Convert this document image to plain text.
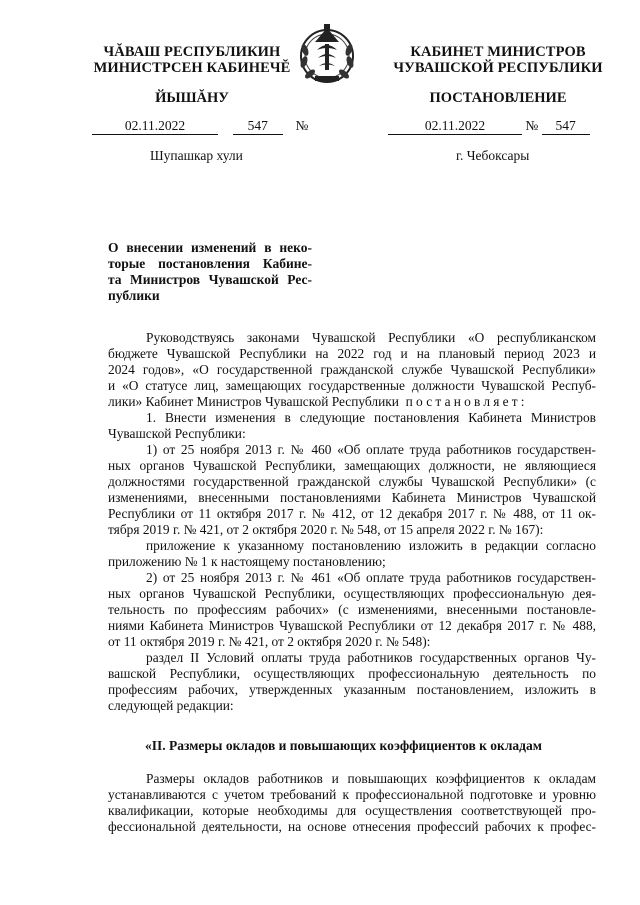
ЧĂВАШ РЕСПУБЛИКИН
МИНИСТРСЕН КАБИНЕЧĔ
КАБИНЕТ МИНИСТРОВ
ЧУВАШСКОЙ РЕСПУБЛИКИ
ЙЫШĂНУ	ПОСТАНОВЛЕНИЕ
02.11.2022	547 №	02.11.2022	№ 547
Шупашкар хули	г. Чебоксары
О внесении изменений в неко-
торые постановления Кабине-
та Министров Чувашской Рес-
публики
Руководствуясь законами Чувашской Республики «О республиканском
бюджете Чувашской Республики на 2022 год и на плановый период 2023 и
2024 годов», «О государственной гражданской службе Чувашской Республики»
и «О статусе лиц, замещающих государственные должности Чувашской Респуб-
лики» Кабинет Министров Чувашской Республики постановляет:
1. Внести изменения в следующие постановления Кабинета Министров
Чувашской Республики:
1) от 25 ноября 2013 г. № 460 «Об оплате труда работников государствен-
ных органов Чувашской Республики, замещающих должности, не являющиеся
должностями государственной гражданской службы Чувашской Республики» (с
изменениями, внесенными постановлениями Кабинета Министров Чувашской
Республики от 11 октября 2017 г. № 412, от 12 декабря 2017 г. № 488, от 11 ок-
тября 2019 г. № 421, от 2 октября 2020 г. № 548, от 15 апреля 2022 г. № 167):
приложение к указанному постановлению изложить в редакции согласно
приложению № 1 к настоящему постановлению;
2) от 25 ноября 2013 г. № 461 «Об оплате труда работников государствен-
ных органов Чувашской Республики, осуществляющих профессиональную дея-
тельность по профессиям рабочих» (с изменениями, внесенными постановле-
ниями Кабинета Министров Чувашской Республики от 12 декабря 2017 г. № 488,
от 11 октября 2019 г. № 421, от 2 октября 2020 г. № 548):
раздел II Условий оплаты труда работников государственных органов Чу-
вашской Республики, осуществляющих профессиональную деятельность по
профессиям рабочих, утвержденных указанным постановлением, изложить в
следующей редакции:
«II. Размеры окладов и повышающих коэффициентов к окладам
Размеры окладов работников и повышающих коэффициентов к окладам
устанавливаются с учетом требований к профессиональной подготовке и уровню
квалификации, которые необходимы для осуществления соответствующей про-
фессиональной деятельности, на основе отнесения профессий рабочих к профес-
